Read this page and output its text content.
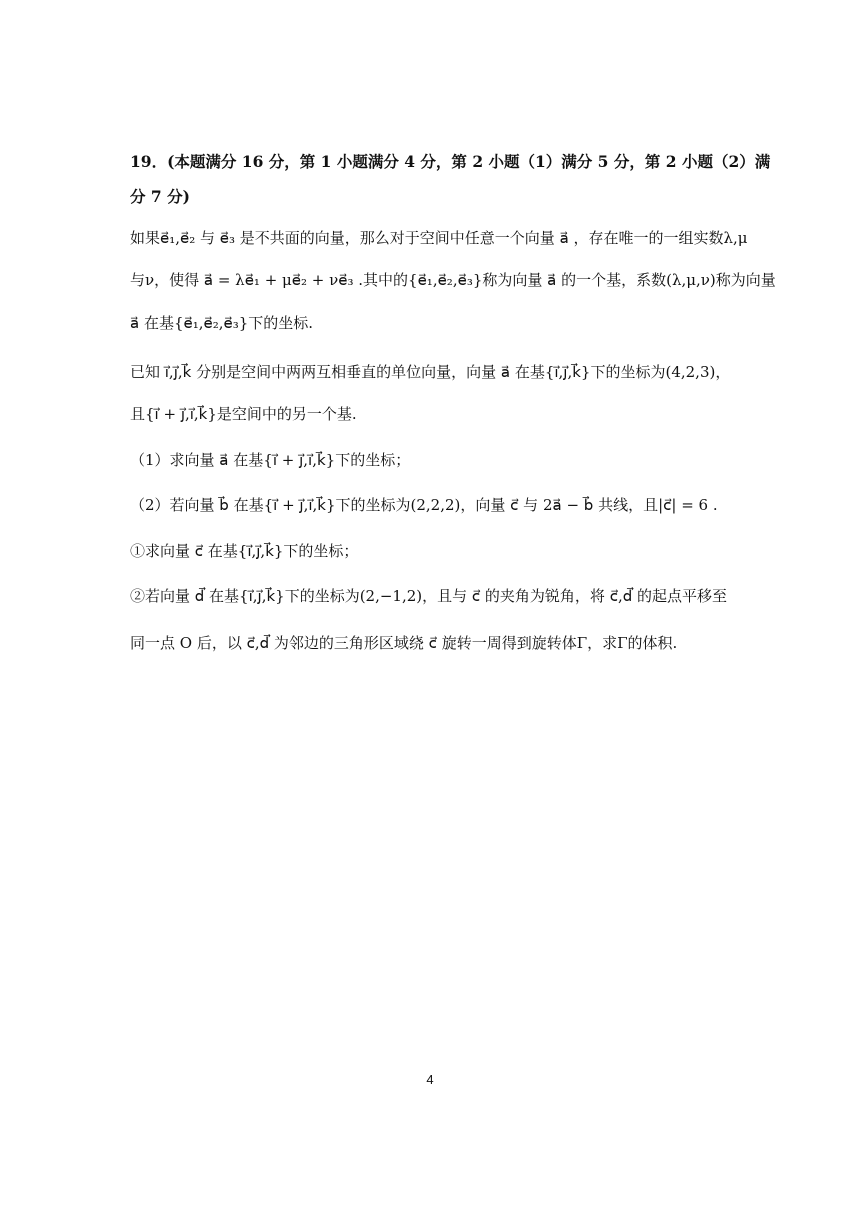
19．(本题满分 16 分，第 1 小题满分 4 分，第 2 小题（1）满分 5 分，第 2 小题（2）满
分 7 分)
如果e⃗₁,e⃗₂ 与 e⃗₃ 是不共面的向量，那么对于空间中任意一个向量 a⃗ ，存在唯一的一组实数λ,μ
与ν，使得 a⃗ = λe⃗₁ + μe⃗₂ + νe⃗₃ .其中的{e⃗₁,e⃗₂,e⃗₃}称为向量 a⃗ 的一个基，系数(λ,μ,ν)称为向量
a⃗ 在基{e⃗₁,e⃗₂,e⃗₃}下的坐标.
已知 i⃗,j⃗,k⃗ 分别是空间中两两互相垂直的单位向量，向量 a⃗ 在基{i⃗,j⃗,k⃗}下的坐标为(4,2,3)，
且{i⃗ + j⃗,i⃗,k⃗}是空间中的另一个基.
（1）求向量 a⃗ 在基{i⃗ + j⃗,i⃗,k⃗}下的坐标；
（2）若向量 b⃗ 在基{i⃗ + j⃗,i⃗,k⃗}下的坐标为(2,2,2)，向量 c⃗ 与 2a⃗ − b⃗ 共线，且|c⃗| = 6 .
①求向量 c⃗ 在基{i⃗,j⃗,k⃗}下的坐标；
②若向量 d⃗ 在基{i⃗,j⃗,k⃗}下的坐标为(2,−1,2)，且与 c⃗ 的夹角为锐角，将 c⃗,d⃗ 的起点平移至
同一点 O 后，以 c⃗,d⃗ 为邻边的三角形区域绕 c⃗ 旋转一周得到旋转体Γ，求Γ的体积.
4
